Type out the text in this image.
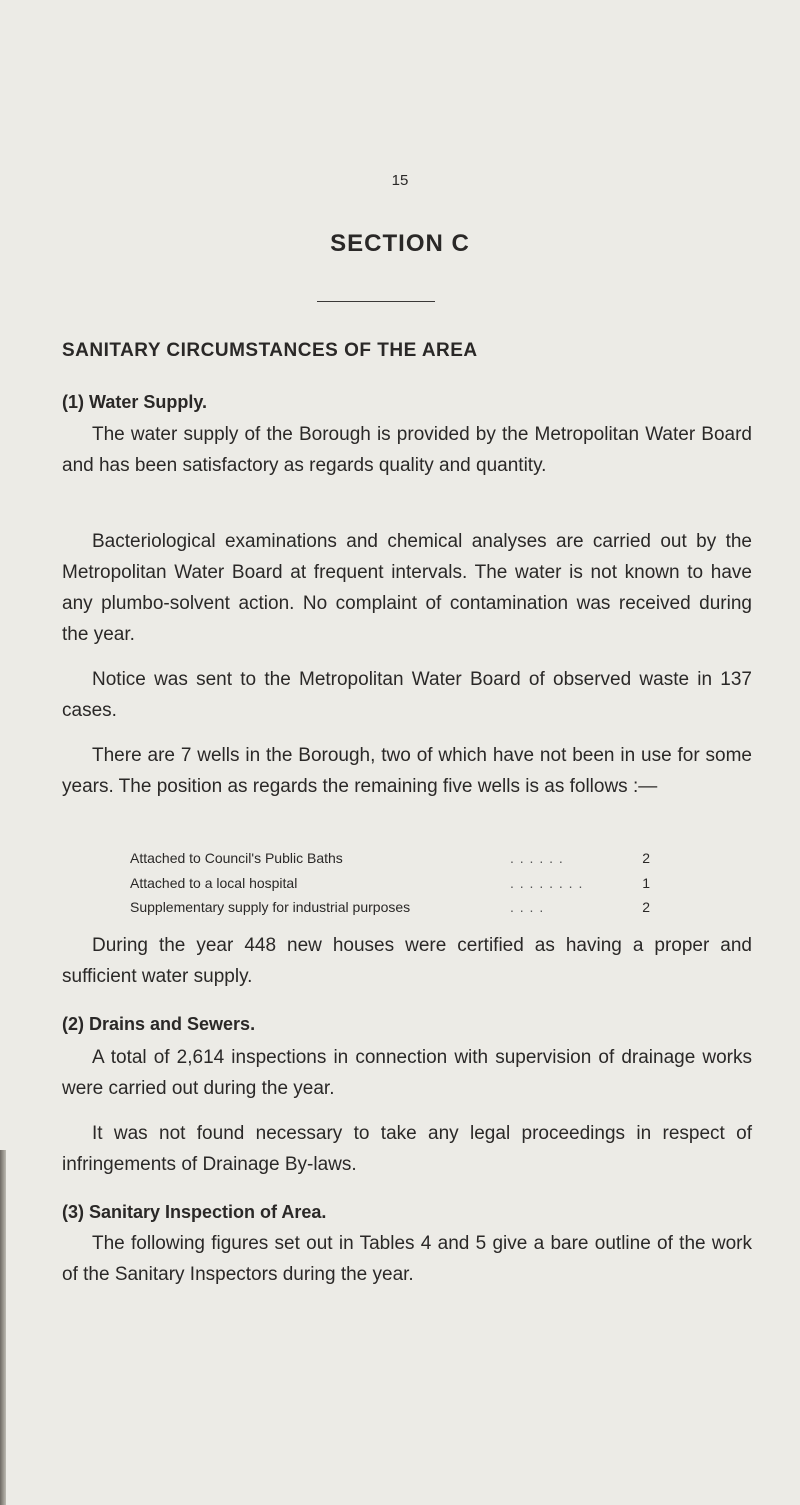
15
SECTION C
SANITARY CIRCUMSTANCES OF THE AREA
(1) Water Supply.

The water supply of the Borough is provided by the Metropolitan Water Board and has been satisfactory as regards quality and quantity.

Bacteriological examinations and chemical analyses are carried out by the Metropolitan Water Board at frequent intervals. The water is not known to have any plumbo-solvent action. No complaint of contamination was received during the year.

Notice was sent to the Metropolitan Water Board of observed waste in 137 cases.

There are 7 wells in the Borough, two of which have not been in use for some years. The position as regards the remaining five wells is as follows :—

Attached to Council's Public Baths	. . . . . .	2
Attached to a local hospital	. . . . . . . .	1
Supplementary supply for industrial purposes	. . . .	2

During the year 448 new houses were certified as having a proper and sufficient water supply.

(2) Drains and Sewers.

A total of 2,614 inspections in connection with supervision of drainage works were carried out during the year.

It was not found necessary to take any legal proceedings in respect of infringements of Drainage By-laws.

(3) Sanitary Inspection of Area.

The following figures set out in Tables 4 and 5 give a bare outline of the work of the Sanitary Inspectors during the year.
